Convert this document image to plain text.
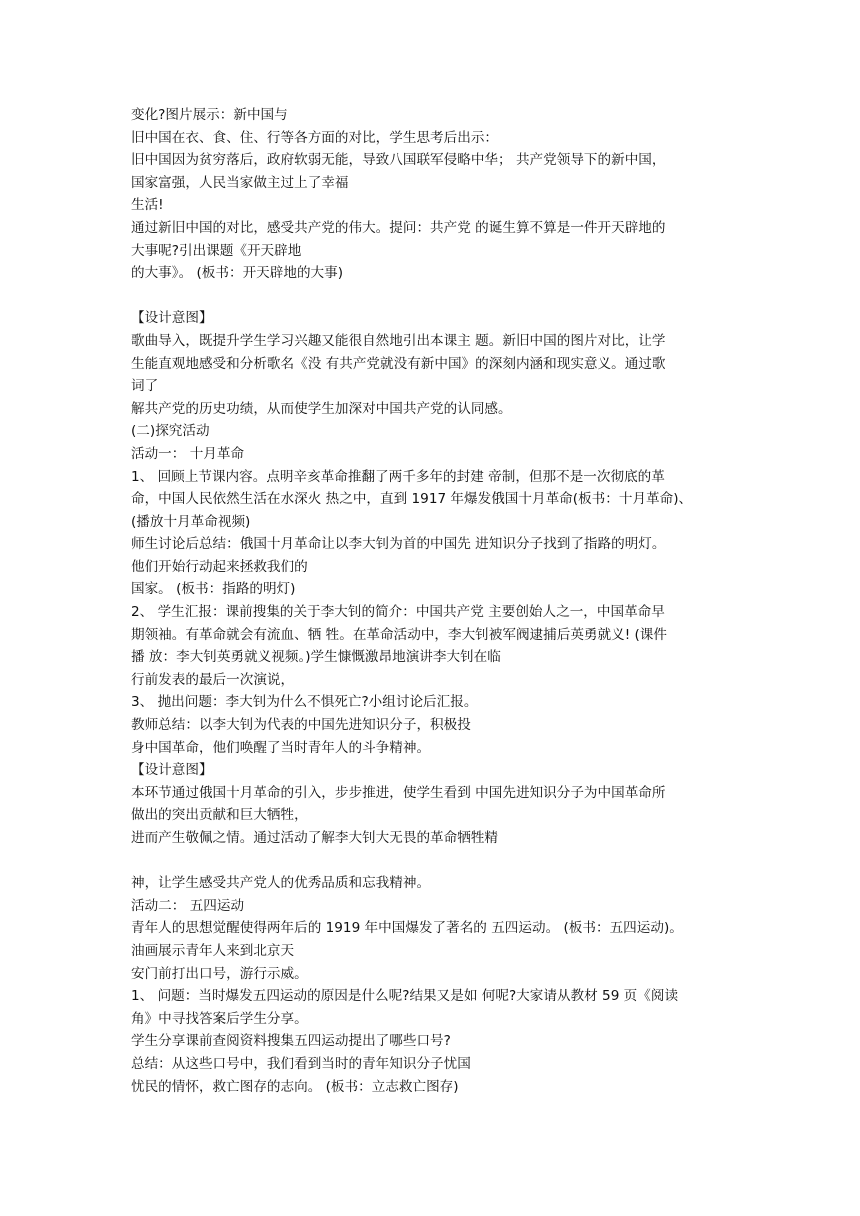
变化?图片展示：新中国与
旧中国在衣、食、住、行等各方面的对比，学生思考后出示：
旧中国因为贫穷落后，政府软弱无能，导致八国联军侵略中华； 共产党领导下的新中国，
国家富强，人民当家做主过上了幸福
生活!
通过新旧中国的对比，感受共产党的伟大。提问：共产党 的诞生算不算是一件开天辟地的
大事呢?引出课题《开天辟地
的大事》。 (板书：开天辟地的大事)
【设计意图】
歌曲导入，既提升学生学习兴趣又能很自然地引出本课主 题。新旧中国的图片对比，让学
生能直观地感受和分析歌名《没 有共产党就没有新中国》的深刻内涵和现实意义。通过歌
词了
解共产党的历史功绩，从而使学生加深对中国共产党的认同感。
(二)探究活动
活动一： 十月革命
1、 回顾上节课内容。点明辛亥革命推翻了两千多年的封建 帝制，但那不是一次彻底的革
命，中国人民依然生活在水深火 热之中，直到 1917 年爆发俄国十月革命(板书：十月革命)、
(播放十月革命视频)
师生讨论后总结：俄国十月革命让以李大钊为首的中国先 进知识分子找到了指路的明灯。
他们开始行动起来拯救我们的
国家。 (板书：指路的明灯)
2、 学生汇报：课前搜集的关于李大钊的简介：中国共产党 主要创始人之一，中国革命早
期领袖。有革命就会有流血、牺 牲。在革命活动中，李大钊被军阀逮捕后英勇就义! (课件
播 放：李大钊英勇就义视频。)学生慷慨激昂地演讲李大钊在临
行前发表的最后一次演说，
3、 抛出问题：李大钊为什么不惧死亡?小组讨论后汇报。
教师总结：以李大钊为代表的中国先进知识分子，积极投
身中国革命，他们唤醒了当时青年人的斗争精神。
【设计意图】
本环节通过俄国十月革命的引入，步步推进，使学生看到 中国先进知识分子为中国革命所
做出的突出贡献和巨大牺牲，
进而产生敬佩之情。通过活动了解李大钊大无畏的革命牺牲精
神，让学生感受共产党人的优秀品质和忘我精神。
活动二： 五四运动
青年人的思想觉醒使得两年后的 1919 年中国爆发了著名的 五四运动。 (板书：五四运动)。
油画展示青年人来到北京天
安门前打出口号，游行示威。
1、 问题：当时爆发五四运动的原因是什么呢?结果又是如 何呢?大家请从教材 59 页《阅读
角》中寻找答案后学生分享。
学生分享课前查阅资料搜集五四运动提出了哪些口号?
总结：从这些口号中，我们看到当时的青年知识分子忧国
忧民的情怀，救亡图存的志向。 (板书：立志救亡图存)
